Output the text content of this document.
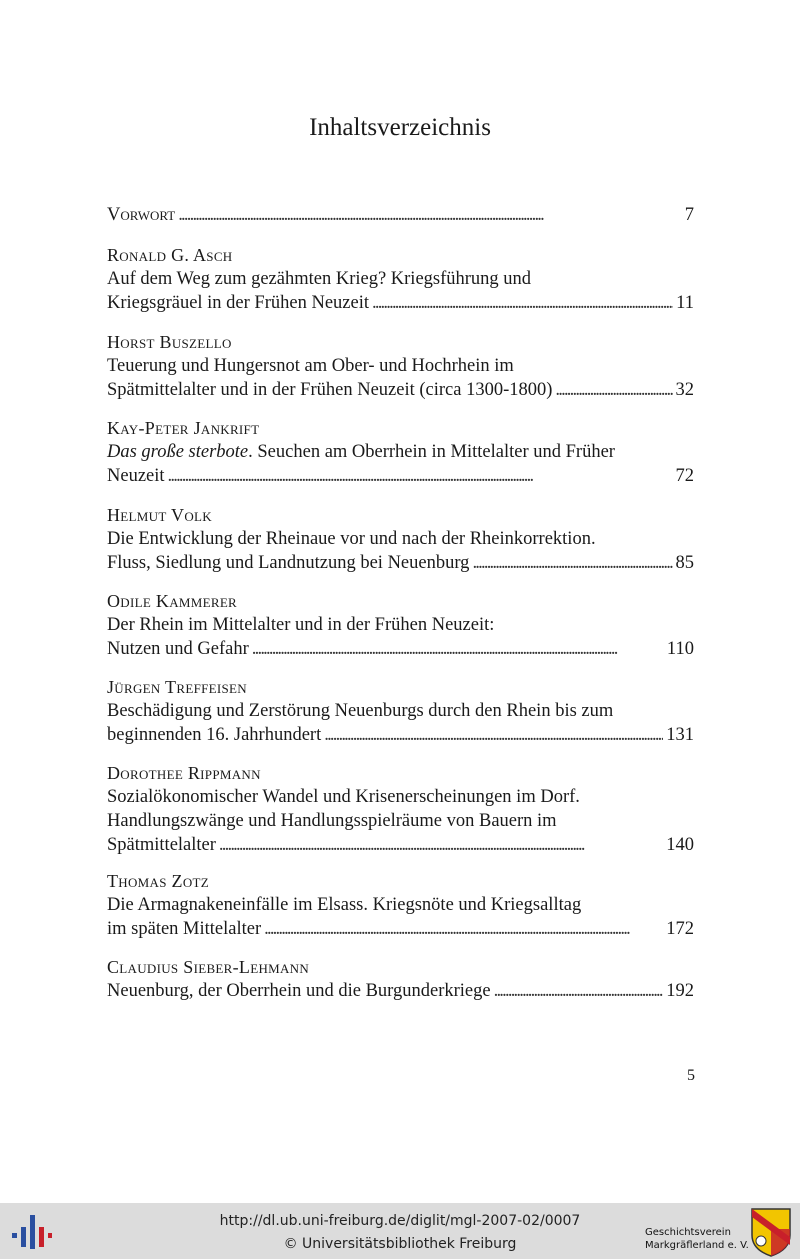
Inhaltsverzeichnis
Vorwort . . .	7
Ronald G. Asch
Auf dem Weg zum gezähmten Krieg? Kriegsführung und
Kriegsgräuel in der Frühen Neuzeit . . .	11
Horst Buszello
Teuerung und Hungersnot am Ober- und Hochrhein im
Spätmittelalter und in der Frühen Neuzeit (circa 1300-1800) . . .	32
Kay-Peter Jankrift
Das große sterbote. Seuchen am Oberrhein in Mittelalter und Früher
Neuzeit . . .	72
Helmut Volk
Die Entwicklung der Rheinaue vor und nach der Rheinkorrektion.
Fluss, Siedlung und Landnutzung bei Neuenburg . . .	85
Odile Kammerer
Der Rhein im Mittelalter und in der Frühen Neuzeit:
Nutzen und Gefahr . . .	110
Jürgen Treffeisen
Beschädigung und Zerstörung Neuenburgs durch den Rhein bis zum
beginnenden 16. Jahrhundert . . .	131
Dorothee Rippmann
Sozialökonomischer Wandel und Krisenerscheinungen im Dorf.
Handlungszwänge und Handlungsspielräume von Bauern im
Spätmittelalter . . .	140
Thomas Zotz
Die Armagnakeneinfälle im Elsass. Kriegsnöte und Kriegsalltag
im späten Mittelalter . . .	172
Claudius Sieber-Lehmann
Neuenburg, der Oberrhein und die Burgunderkriege . . .	192
5
http://dl.ub.uni-freiburg.de/diglit/mgl-2007-02/0007
© Universitätsbibliothek Freiburg
Geschichtsverein
Markgräflerland e. V.
